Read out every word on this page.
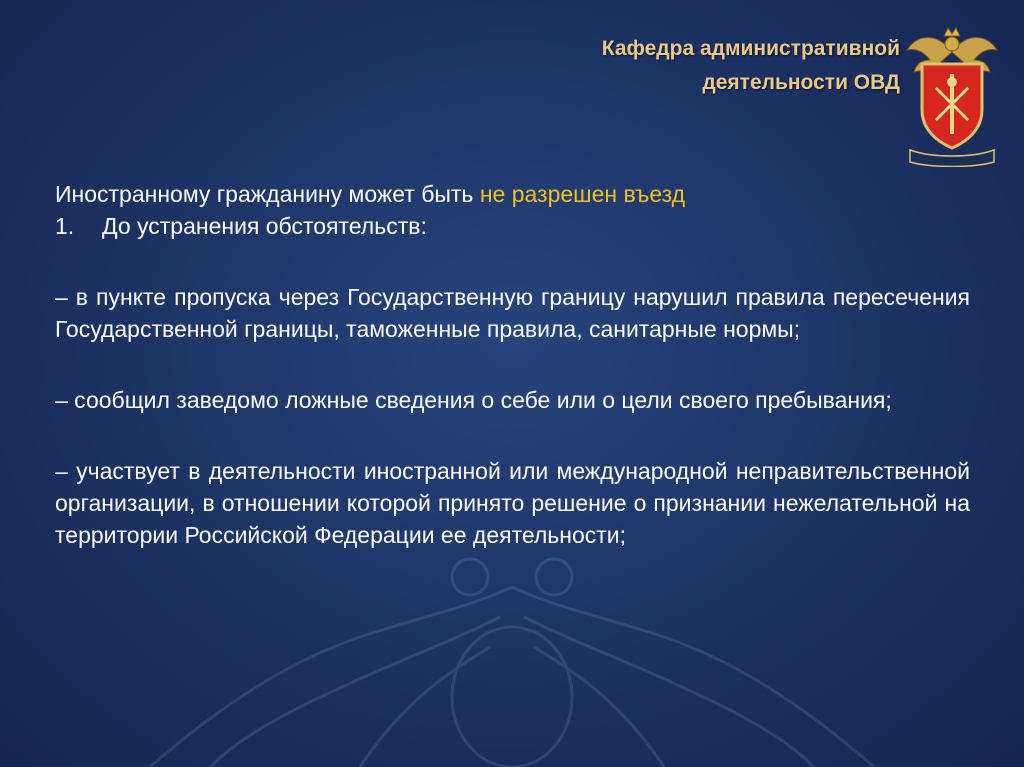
Кафедра административной
деятельности ОВД

Иностранному гражданину может быть не разрешен въезд

1. До устранения обстоятельств:

– в пункте пропуска через Государственную границу нарушил правила пересечения Государственной границы, таможенные правила, санитарные нормы;

– сообщил заведомо ложные сведения о себе или о цели своего пребывания;

– участвует в деятельности иностранной или международной неправительственной организации, в отношении которой принято решение о признании нежелательной на территории Российской Федерации ее деятельности;
